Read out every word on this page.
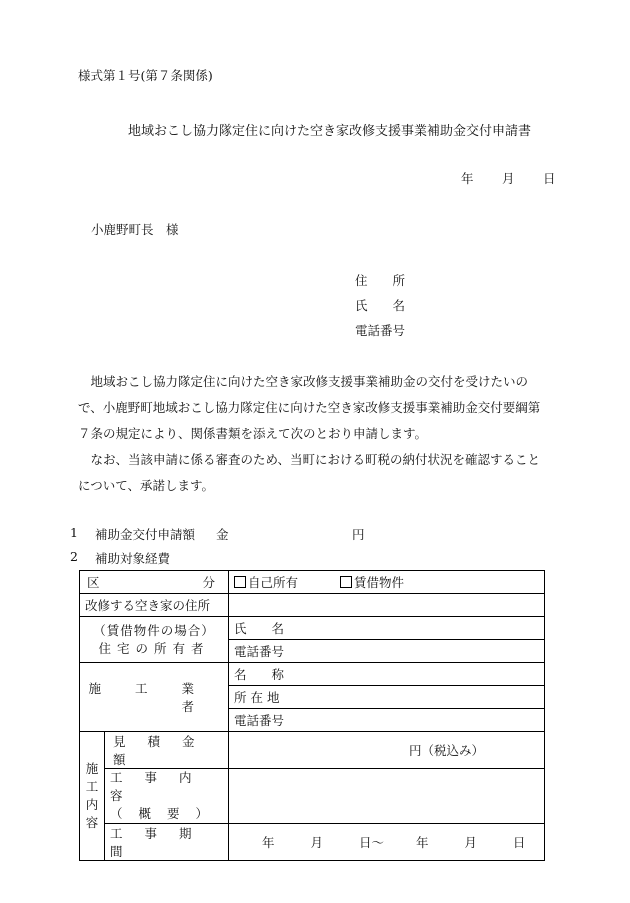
様式第１号(第７条関係)
地域おこし協力隊定住に向けた空き家改修支援事業補助金交付申請書
年 月 日
小鹿野町長　様
住　　所
氏　　名
電話番号

地域おこし協力隊定住に向けた空き家改修支援事業補助金の交付を受けたいので、小鹿野町地域おこし協力隊定住に向けた空き家改修支援事業補助金交付要綱第７条の規定により、関係書類を添えて次のとおり申請します。

なお、当該申請に係る審査のため、当町における町税の納付状況を確認することについて、承諾します。

1 補助金交付申請額 金	円
2 補助対象経費
区 分		自己所有 賃借物件
改修する空き家の住所		

（賃借物件の場合）
住宅の所有者		氏　　名
		電話番号
施工業者		名　　称
		所 在 地
		電話番号
施工内容	見積金額	円（税込み）

	工事内容
（概要）	

	工事期間	年 月 日～ 年 月 日
